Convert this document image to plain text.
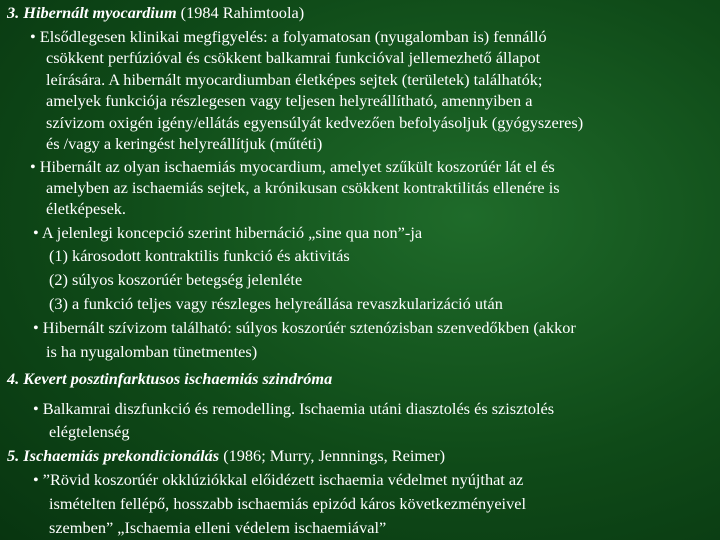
3. Hibernált myocardium (1984 Rahimtoola)
• Elsődlegesen klinikai megfigyelés: a folyamatosan (nyugalomban is) fennálló
csökkent perfúzióval és csökkent balkamrai funkcióval jellemezhető állapot
leírására. A hibernált myocardiumban életképes sejtek (területek) találhatók;
amelyek funkciója részlegesen vagy teljesen helyreállítható, amennyiben a
szívizom oxigén igény/ellátás egyensúlyát kedvezően befolyásoljuk (gyógyszeres)
és /vagy a keringést helyreállítjuk (műtéti)
• Hibernált az olyan ischaemiás myocardium, amelyet szűkült koszorúér lát el és
amelyben az ischaemiás sejtek, a krónikusan csökkent kontraktilitás ellenére is
életképesek.
• A jelenlegi koncepció szerint hibernáció „sine qua non”-ja
(1) károsodott kontraktilis funkció és aktivitás
(2) súlyos koszorúér betegség jelenléte
(3) a funkció teljes vagy részleges helyreállása revaszkularizáció után
• Hibernált szívizom található: súlyos koszorúér sztenózisban szenvedőkben (akkor
is ha nyugalomban tünetmentes)
4. Kevert posztinfarktusos ischaemiás szindróma
• Balkamrai diszfunkció és remodelling. Ischaemia utáni diasztolés és szisztolés
elégtelenség
5. Ischaemiás prekondicionálás (1986; Murry, Jennnings, Reimer)
• ”Rövid koszorúér okklúziókkal előidézett ischaemia védelmet nyújthat az
ismételten fellépő, hosszabb ischaemiás epizód káros következményeivel
szemben” „Ischaemia elleni védelem ischaemiával”
